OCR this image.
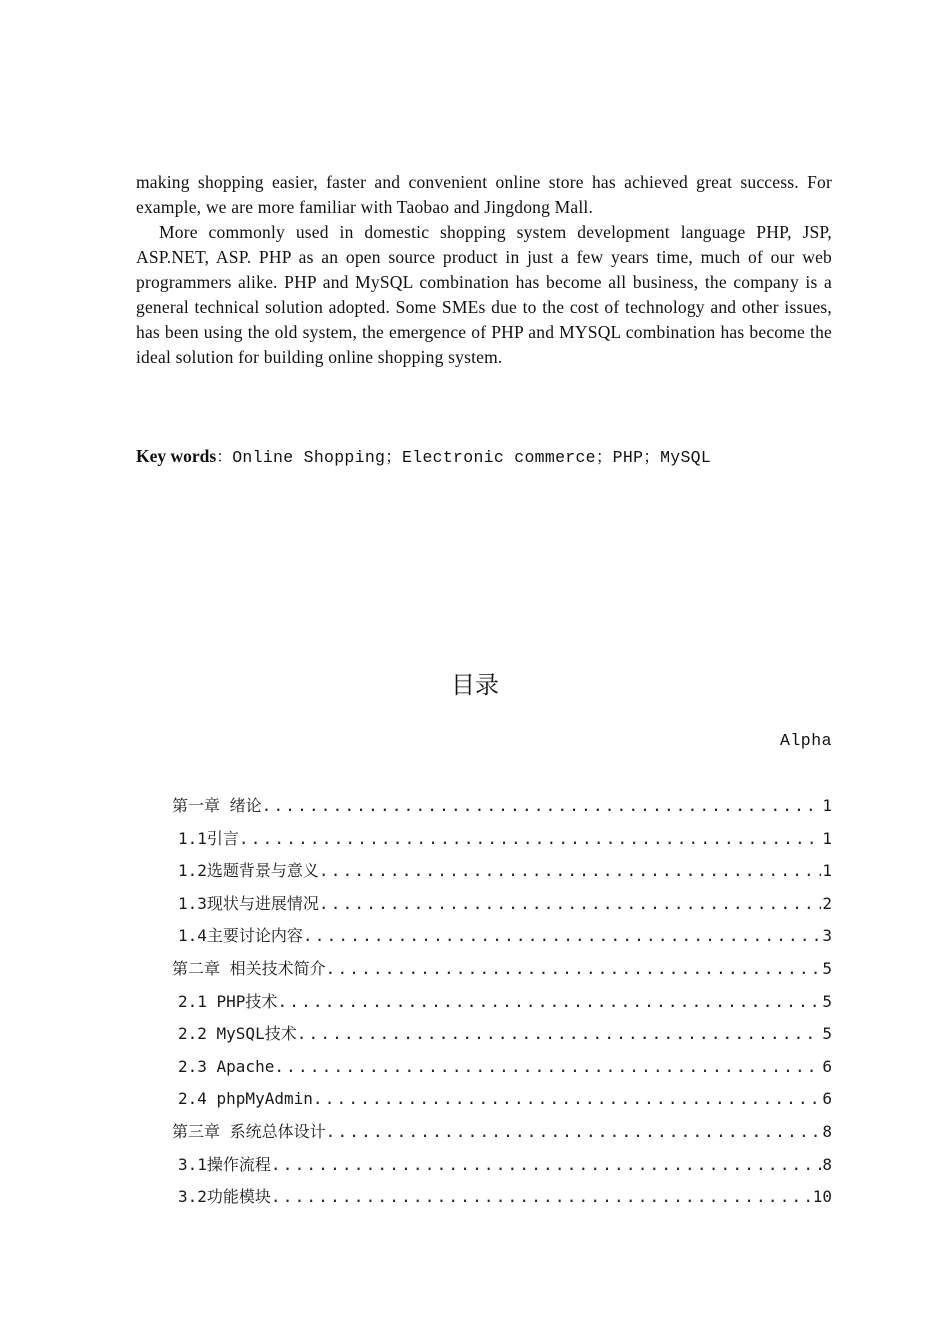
making shopping easier, faster and convenient online store has achieved great success. For example, we are more familiar with Taobao and Jingdong Mall.

More commonly used in domestic shopping system development language PHP, JSP, ASP.NET, ASP. PHP as an open source product in just a few years time, much of our web programmers alike. PHP and MySQL combination has become all business, the company is a general technical solution adopted. Some SMEs due to the cost of technology and other issues, has been using the old system, the emergence of PHP and MYSQL combination has become the ideal solution for building online shopping system.

Key words：Online Shopping；Electronic commerce；PHP；MySQL
目录
Alpha
第一章 绪论 .....	1
1.1引言 .....	1
1.2选题背景与意义 .....	1
1.3现状与进展情况 .....	2
1.4主要讨论内容 .....	3
第二章 相关技术简介 .....	5
2.1 PHP技术 .....	5
2.2 MySQL技术 .....	5
2.3 Apache .....	6
2.4 phpMyAdmin .....	6
第三章 系统总体设计 .....	8
3.1操作流程 .....	8
3.2功能模块 .....	10
